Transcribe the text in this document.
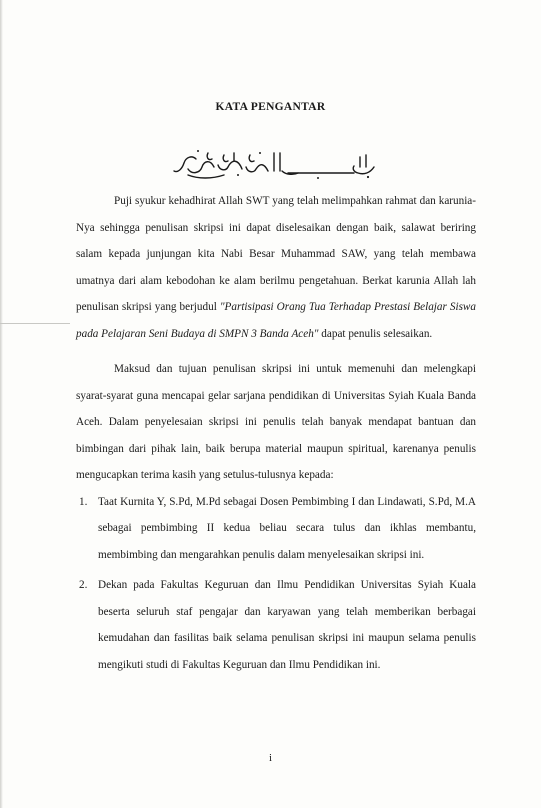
KATA PENGANTAR

Puji syukur kehadhirat Allah SWT yang telah melimpahkan rahmat dan karunia-Nya sehingga penulisan skripsi ini dapat diselesaikan dengan baik, salawat beriring salam kepada junjungan kita Nabi Besar Muhammad SAW, yang telah membawa umatnya dari alam kebodohan ke alam berilmu pengetahuan. Berkat karunia Allah lah penulisan skripsi yang berjudul "Partisipasi Orang Tua Terhadap Prestasi Belajar Siswa pada Pelajaran Seni Budaya di SMPN 3 Banda Aceh" dapat penulis selesaikan.

Maksud dan tujuan penulisan skripsi ini untuk memenuhi dan melengkapi syarat-syarat guna mencapai gelar sarjana pendidikan di Universitas Syiah Kuala Banda Aceh. Dalam penyelesaian skripsi ini penulis telah banyak mendapat bantuan dan bimbingan dari pihak lain, baik berupa material maupun spiritual, karenanya penulis mengucapkan terima kasih yang setulus-tulusnya kepada:

1. Taat Kurnita Y, S.Pd, M.Pd sebagai Dosen Pembimbing I dan Lindawati, S.Pd, M.A sebagai pembimbing II kedua beliau secara tulus dan ikhlas membantu, membimbing dan mengarahkan penulis dalam menyelesaikan skripsi ini.
2. Dekan pada Fakultas Keguruan dan Ilmu Pendidikan Universitas Syiah Kuala beserta seluruh staf pengajar dan karyawan yang telah memberikan berbagai kemudahan dan fasilitas baik selama penulisan skripsi ini maupun selama penulis mengikuti studi di Fakultas Keguruan dan Ilmu Pendidikan ini.
i
